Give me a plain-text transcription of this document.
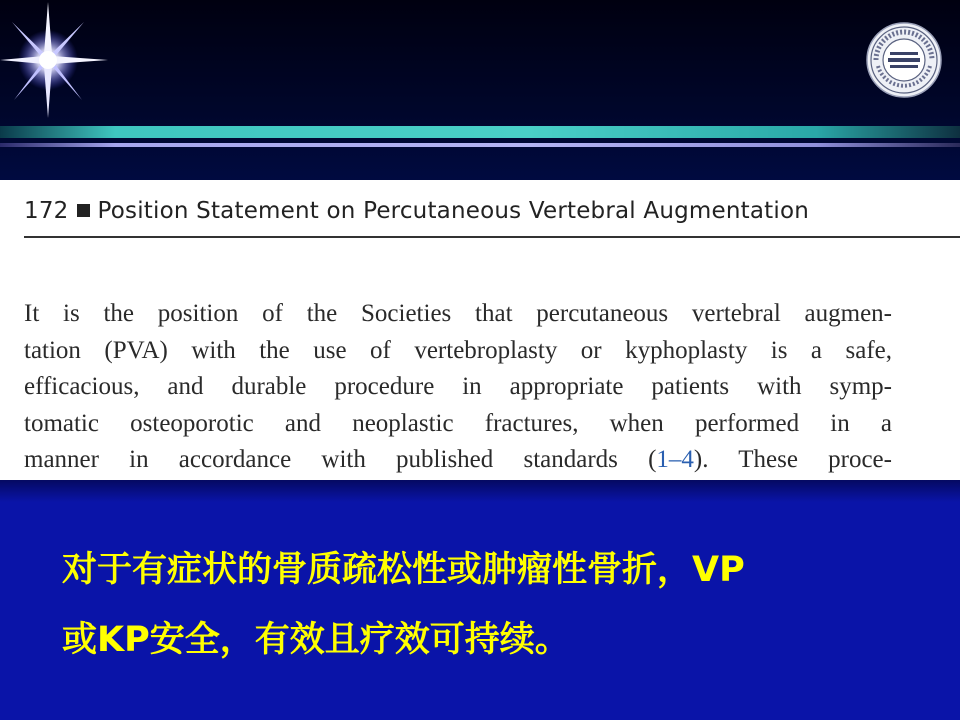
172 Position Statement on Percutaneous Vertebral Augmentation
It is the position of the Societies that percutaneous vertebral augmen-
tation (PVA) with the use of vertebroplasty or kyphoplasty is a safe,
efficacious, and durable procedure in appropriate patients with symp-
tomatic osteoporotic and neoplastic fractures, when performed in a
manner in accordance with published standards (1–4). These proce-
对于有症状的骨质疏松性或肿瘤性骨折，VP
或KP安全，有效且疗效可持续。
